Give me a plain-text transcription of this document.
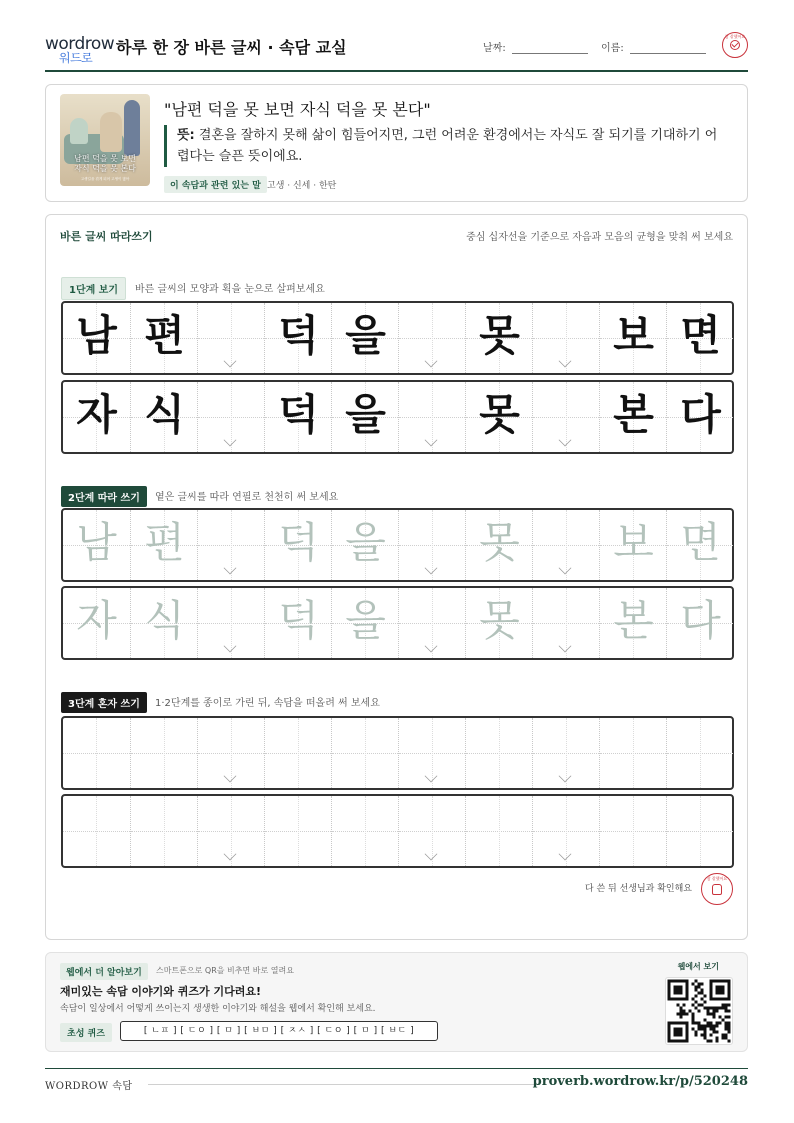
wordrow
워드로
하루 한 장 바른 글씨 · 속담 교실	날짜:	이름:
참 잘했어요
남편 덕을 못 보면
자식 덕을 못 본다
고생길을 겪게 되어 고생이 많아
"남편 덕을 못 보면 자식 덕을 못 본다"
뜻: 결혼을 잘하지 못해 삶이 힘들어지면, 그런 어려운 환경에서는 자식도 잘 되기를 기대하기 어렵다는 슬픈 뜻이에요.
이 속담과 관련 있는 말 고생 · 신세 · 한탄
바른 글씨 따라쓰기	중심 십자선을 기준으로 자음과 모음의 균형을 맞춰 써 보세요
1단계 보기	바른 글씨의 모양과 획을 눈으로 살펴보세요
남 편	덕 을	못	보 면
자 식	덕 을	못	본 다
2단계 따라 쓰기	옅은 글씨를 따라 연필로 천천히 써 보세요
남 편	덕 을	못	보 면
자 식	덕 을	못	본 다
3단계 혼자 쓰기	1·2단계를 종이로 가린 뒤, 속담을 떠올려 써 보세요
다 쓴 뒤 선생님과 확인해요
참 잘했어요
웹에서 더 알아보기	스마트폰으로 QR을 비추면 바로 열려요
재미있는 속담 이야기와 퀴즈가 기다려요!
속담이 일상에서 어떻게 쓰이는지 생생한 이야기와 해설을 웹에서 확인해 보세요.
초성 퀴즈	[ ㄴㅍ ] [ ㄷㅇ ] [ ㅁ ] [ ㅂㅁ ] [ ㅈㅅ ] [ ㄷㅇ ] [ ㅁ ] [ ㅂㄷ ]
웹에서 보기
WORDROW 속담	proverb.wordrow.kr/p/520248
